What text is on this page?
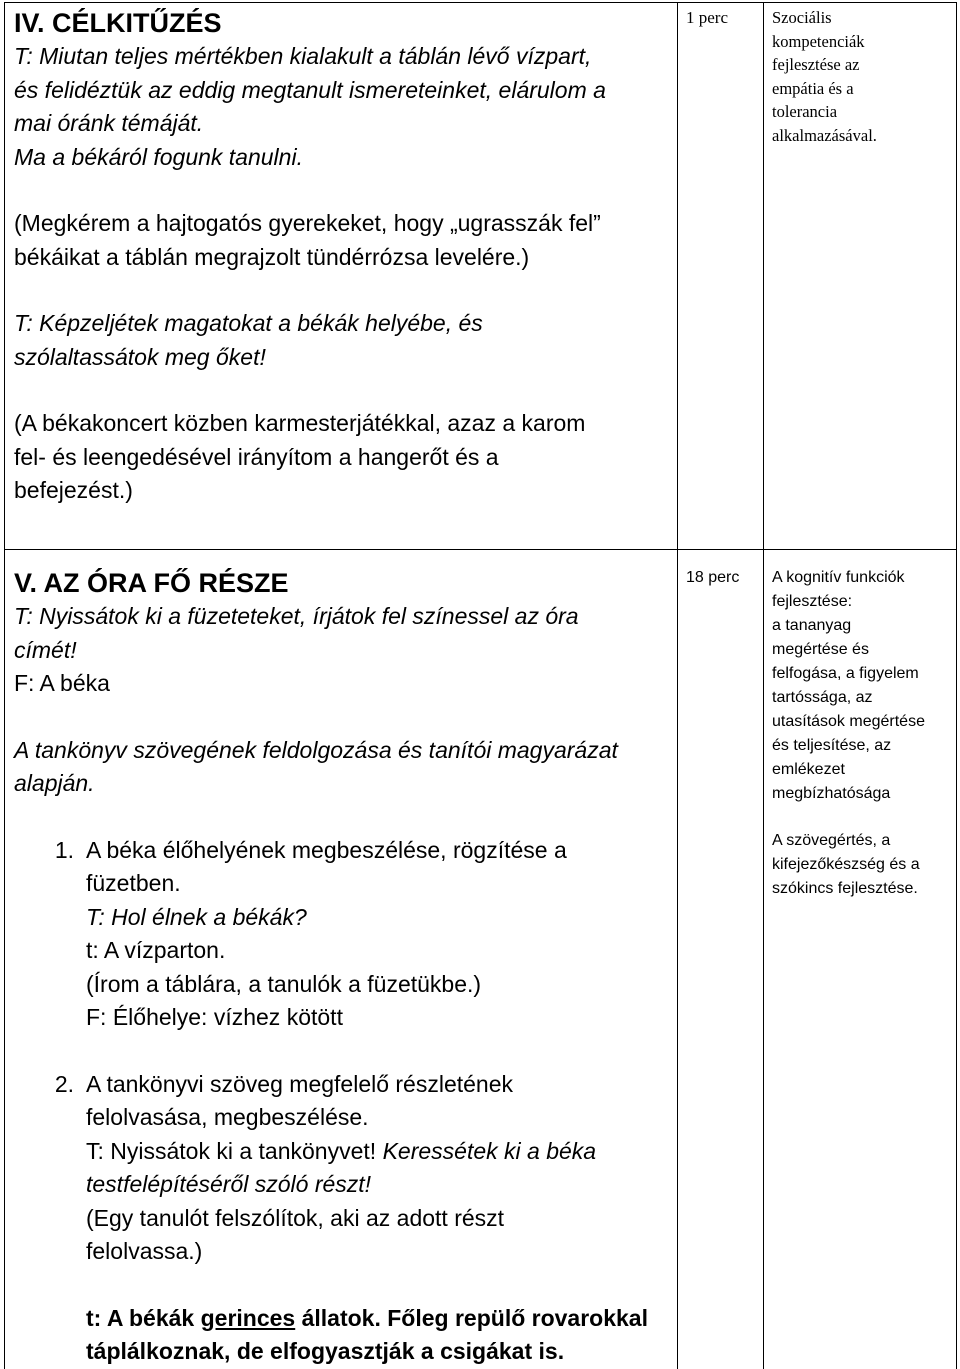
IV. CÉLKITŰZÉS
T: Miutan teljes mértékben kialakult a táblán lévő vízpart,
és felidéztük az eddig megtanult ismereteinket, elárulom a
mai óránk témáját.
Ma a békáról fogunk tanulni.
(Megkérem a hajtogatós gyerekeket, hogy „ugrasszák fel”
békáikat a táblán megrajzolt tündérrózsa levelére.)
T: Képzeljétek magatokat a békák helyébe, és
szólaltassátok meg őket!
(A békakoncert közben karmesterjátékkal, azaz a karom
fel- és leengedésével irányítom a hangerőt és a
befejezést.)
1 perc	Szociális
kompetenciák
fejlesztése az
empátia és a
tolerancia
alkalmazásával.
V. AZ ÓRA FŐ RÉSZE
T: Nyissátok ki a füzeteteket, írjátok fel színessel az óra
címét!
F: A béka
A tankönyv szövegének feldolgozása és tanítói magyarázat
alapján.
1. A béka élőhelyének megbeszélése, rögzítése a
füzetben.
T: Hol élnek a békák?
t: A vízparton.
(Írom a táblára, a tanulók a füzetükbe.)
F: Élőhelye: vízhez kötött
2. A tankönyvi szöveg megfelelő részletének
felolvasása, megbeszélése.
T: Nyissátok ki a tankönyvet! Keressétek ki a béka
testfelépítéséről szóló részt!
(Egy tanulót felszólítok, aki az adott részt
felolvassa.)
t: A békák gerinces állatok. Főleg repülő rovarokkal
táplálkoznak, de elfogyasztják a csigákat is.
18 perc	A kognitív funkciók
fejlesztése:
a tananyag
megértése és
felfogása, a figyelem
tartóssága, az
utasítások megértése
és teljesítése, az
emlékezet
megbízhatósága
A szövegértés, a
kifejezőkészség és a
szókincs fejlesztése.
